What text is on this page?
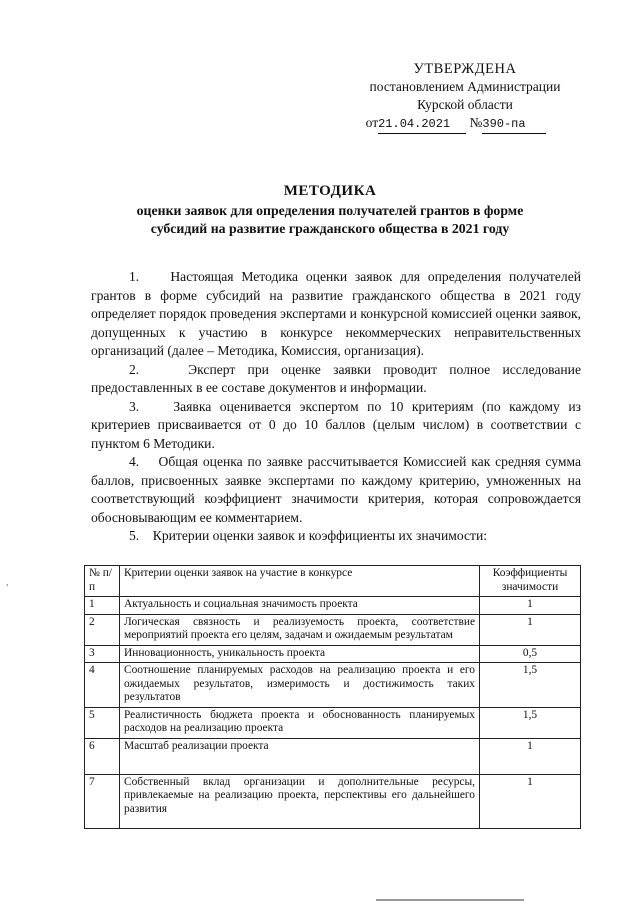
УТВЕРЖДЕНА
постановлением Администрации
Курской области
от21.04.2021 №390-па
МЕТОДИКА
оценки заявок для определения получателей грантов в форме
субсидий на развитие гражданского общества в 2021 году

1.    Настоящая Методика оценки заявок для определения получателей грантов в форме субсидий на развитие гражданского общества в 2021 году определяет порядок проведения экспертами и конкурсной комиссией оценки заявок, допущенных к участию в конкурсе некоммерческих неправительственных организаций (далее – Методика, Комиссия, организация).

2.    Эксперт при оценке заявки проводит полное исследование предоставленных в ее составе документов и информации.

3.    Заявка оценивается экспертом по 10 критериям (по каждому из критериев присваивается от 0 до 10 баллов (целым числом) в соответствии с пунктом 6 Методики.

4.    Общая оценка по заявке рассчитывается Комиссией как средняя сумма баллов, присвоенных заявке экспертами по каждому критерию, умноженных на соответствующий коэффициент значимости критерия, которая сопровождается обосновывающим ее комментарием.

5.    Критерии оценки заявок и коэффициенты их значимости:

№ п/п	Критерии оценки заявок на участие в конкурсе	Коэффициенты значимости
1	Актуальность и социальная значимость проекта	1
2	Логическая связность и реализуемость проекта, соответствие мероприятий проекта его целям, задачам и ожидаемым результатам	1
3	Инновационность, уникальность проекта	0,5
4	Соотношение планируемых расходов на реализацию проекта и его ожидаемых результатов, измеримость и достижимость таких результатов	1,5
5	Реалистичность бюджета проекта и обоснованность планируемых расходов на реализацию проекта	1,5
6	Масштаб реализации проекта	1
7	Собственный вклад организации и дополнительные ресурсы, привлекаемые на реализацию проекта, перспективы его дальнейшего развития	1
,
